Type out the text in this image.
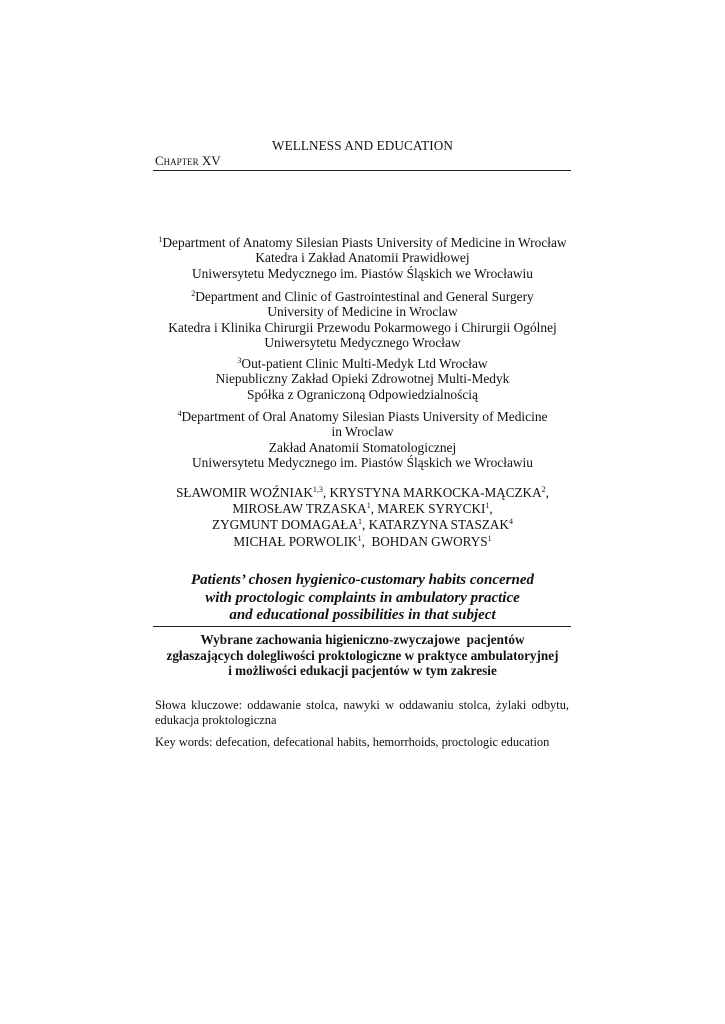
WELLNESS AND EDUCATION
Chapter XV
$^1$Department of Anatomy Silesian Piasts University of Medicine in Wrocław
Katedra i Zakład Anatomii Prawidłowej
Uniwersytetu Medycznego im. Piastów Śląskich we Wrocławiu
$^2$Department and Clinic of Gastrointestinal and General Surgery
University of Medicine in Wroclaw
Katedra i Klinika Chirurgii Przewodu Pokarmowego i Chirurgii Ogólnej
Uniwersytetu Medycznego Wrocław
$^3$Out-patient Clinic Multi-Medyk Ltd Wrocław
Niepubliczny Zakład Opieki Zdrowotnej Multi-Medyk
Spółka z Ograniczoną Odpowiedzialnością
$^4$Department of Oral Anatomy Silesian Piasts University of Medicine
in Wroclaw
Zakład Anatomii Stomatologicznej
Uniwersytetu Medycznego im. Piastów Śląskich we Wrocławiu
SŁAWOMIR WOŹNIAK$^{1,3}$, KRYSTYNA MARKOCKA-MĄCZKA$^2$,
MIROSŁAW TRZASKA$^1$, MAREK SYRYCKI$^1$,
ZYGMUNT DOMAGAŁA$^1$, KATARZYNA STASZAK$^4$
MICHAŁ PORWOLIK$^1$,  BOHDAN GWORYS$^1$
Patients’ chosen hygienico-customary habits concerned
with proctologic complaints in ambulatory practice
and educational possibilities in that subject
Wybrane zachowania higieniczno-zwyczajowe  pacjentów
zgłaszających dolegliwości proktologiczne w praktyce ambulatoryjnej
i możliwości edukacji pacjentów w tym zakresie
Słowa kluczowe: oddawanie stolca, nawyki w oddawaniu stolca, żylaki odbytu, edukacja proktologiczna
Key words: defecation, defecational habits, hemorrhoids, proctologic education
